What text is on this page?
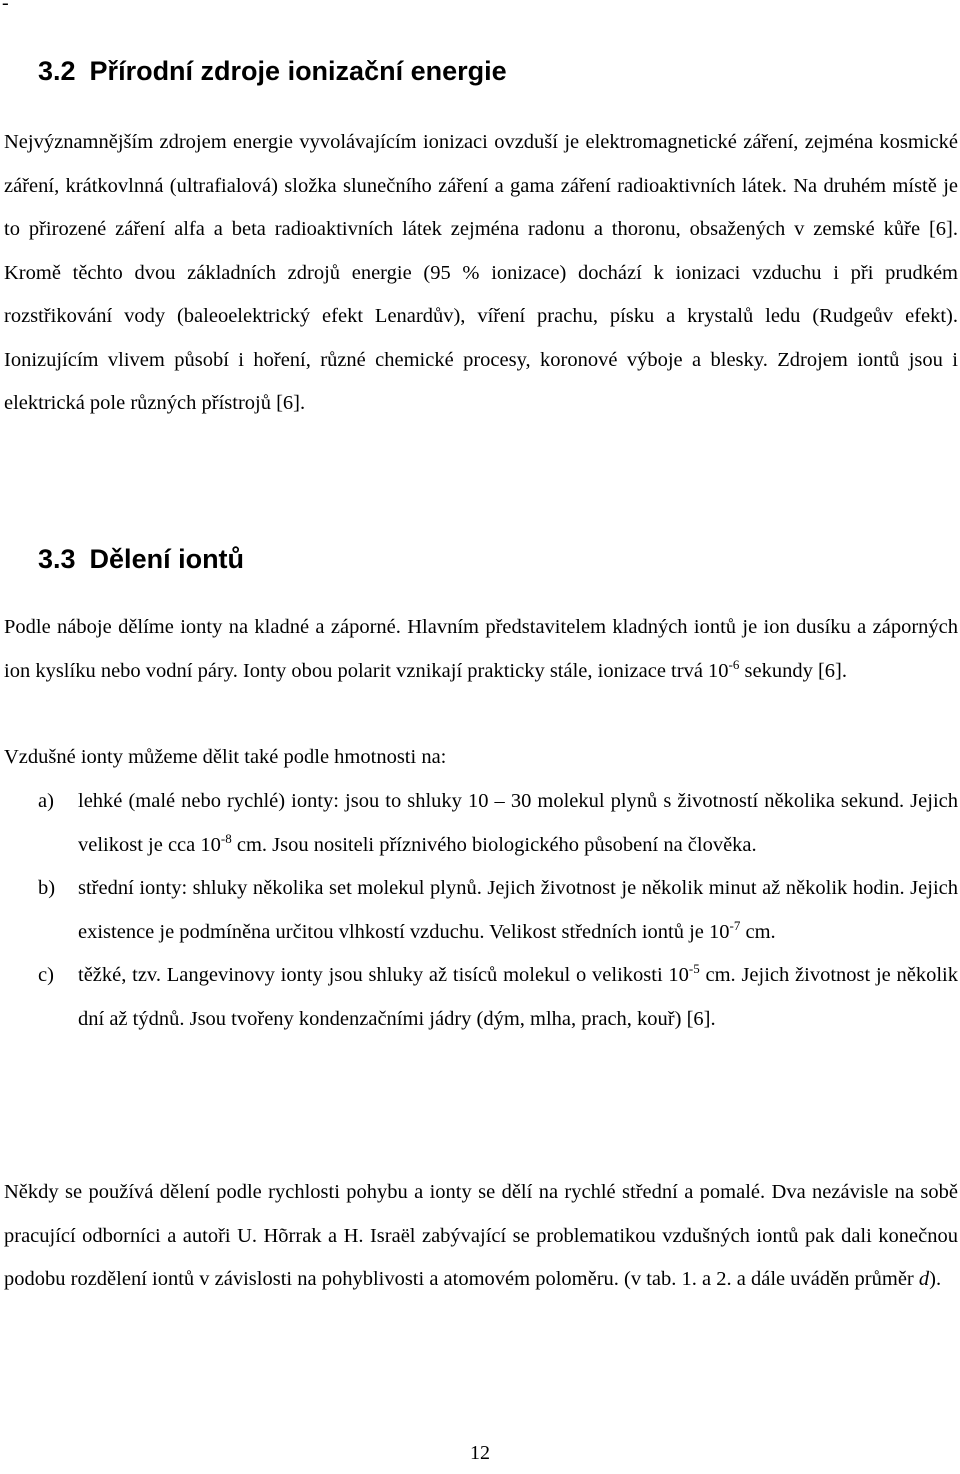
-
3.2 Přírodní zdroje ionizační energie

Nejvýznamnějším zdrojem energie vyvolávajícím ionizaci ovzduší je elektromagnetické záření, zejména kosmické záření, krátkovlnná (ultrafialová) složka slunečního záření a gama záření radioaktivních látek. Na druhém místě je to přirozené záření alfa a beta radioaktivních látek zejména radonu a thoronu, obsažených v zemské kůře [6]. Kromě těchto dvou základních zdrojů energie (95 % ionizace) dochází k ionizaci vzduchu i při prudkém rozstřikování vody (baleoelektrický efekt Lenardův), víření prachu, písku a krystalů ledu (Rudgeův efekt). Ionizujícím vlivem působí i hoření, různé chemické procesy, koronové výboje a blesky. Zdrojem iontů jsou i elektrická pole různých přístrojů [6].

3.3 Dělení iontů

Podle náboje dělíme ionty na kladné a záporné. Hlavním představitelem kladných iontů je ion dusíku a záporných ion kyslíku nebo vodní páry. Ionty obou polarit vznikají prakticky stále, ionizace trvá $10^{-6}$ sekundy [6].

Vzdušné ionty můžeme dělit také podle hmotnosti na:

a) lehké (malé nebo rychlé) ionty: jsou to shluky 10 – 30 molekul plynů s životností několika sekund. Jejich velikost je cca $10^{-8}$ cm. Jsou nositeli příznivého biologického působení na člověka.
b) střední ionty: shluky několika set molekul plynů. Jejich životnost je několik minut až několik hodin. Jejich existence je podmíněna určitou vlhkostí vzduchu. Velikost středních iontů je $10^{-7}$ cm.
c) těžké, tzv. Langevinovy ionty jsou shluky až tisíců molekul o velikosti $10^{-5}$ cm. Jejich životnost je několik dní až týdnů. Jsou tvořeny kondenzačními jádry (dým, mlha, prach, kouř) [6].

Někdy se používá dělení podle rychlosti pohybu a ionty se dělí na rychlé střední a pomalé. Dva nezávisle na sobě pracující odborníci a autoři U. Hõrrak a H. Israël zabývající se problematikou vzdušných iontů pak dali konečnou podobu rozdělení iontů v závislosti na pohyblivosti a atomovém poloměru. (v tab. 1. a 2. a dále uváděn průměr d).

12
